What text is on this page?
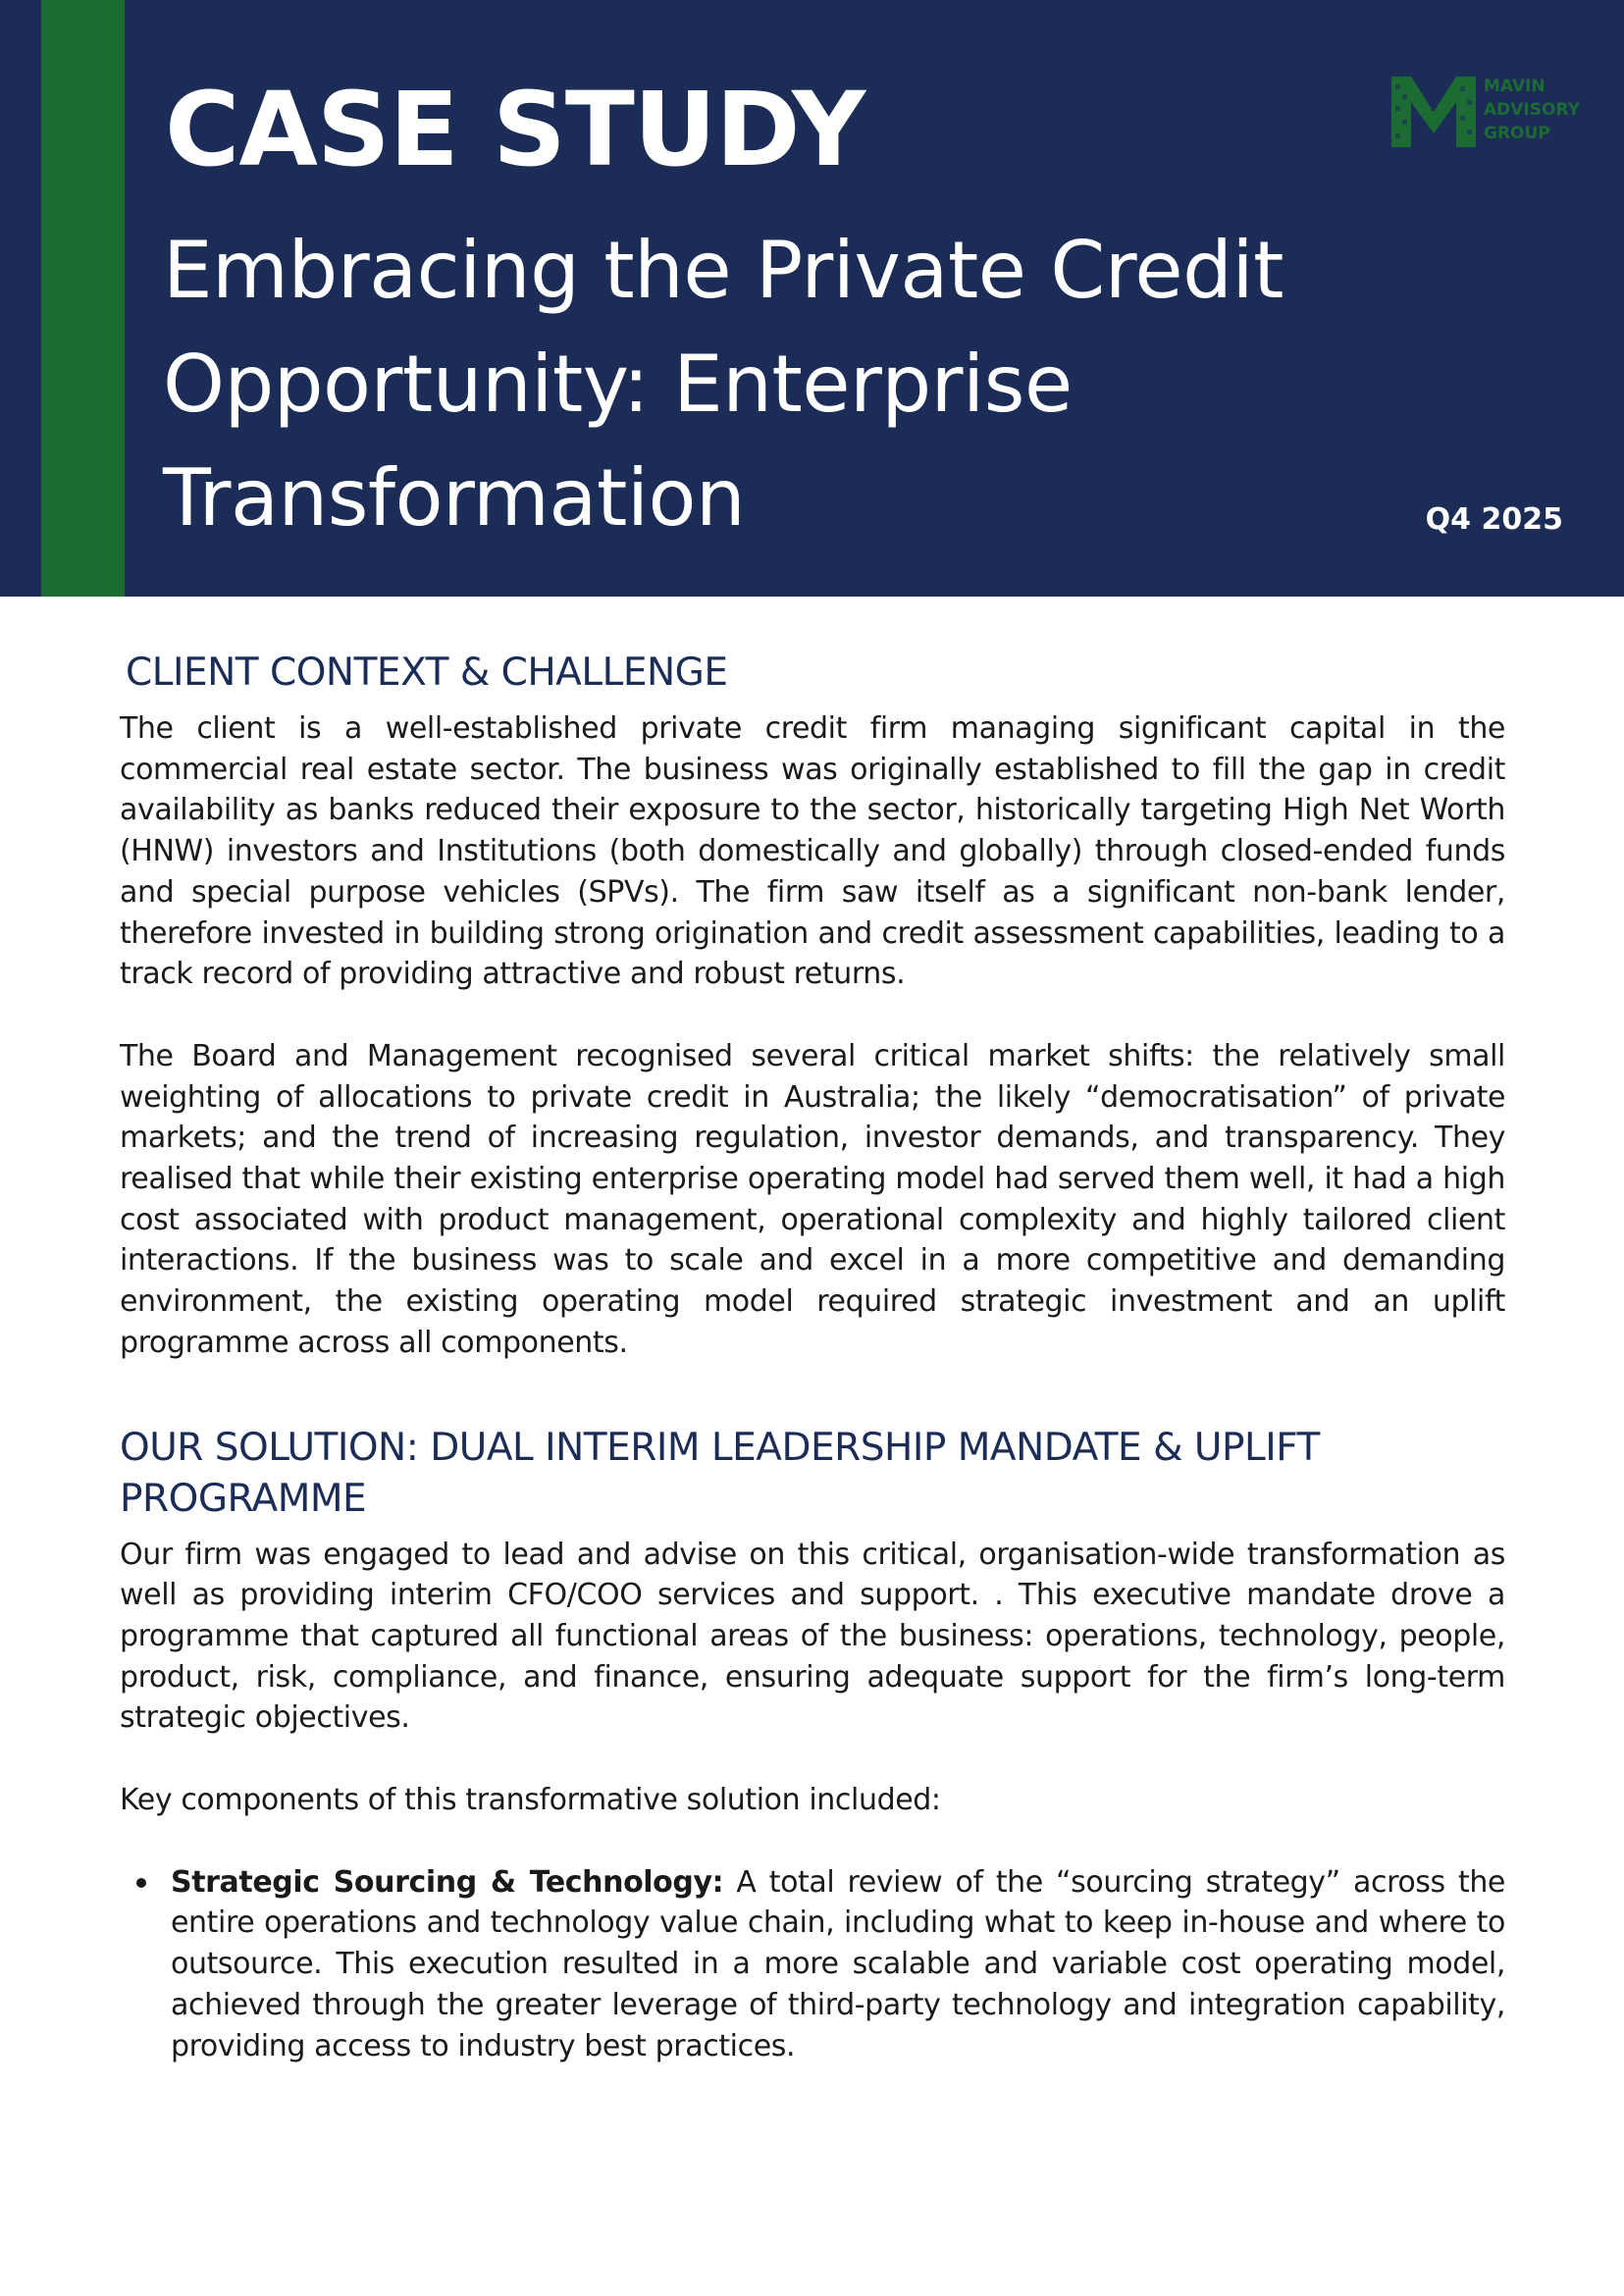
CASE STUDY
Embracing the Private Credit Opportunity: Enterprise Transformation	Q4 2025
MAVIN
ADVISORY
GROUP
CLIENT CONTEXT & CHALLENGE

The client is a well-established private credit firm managing significant capital in the commercial real estate sector. The business was originally established to fill the gap in credit availability as banks reduced their exposure to the sector, historically targeting High Net Worth (HNW) investors and Institutions (both domestically and globally) through closed-ended funds and special purpose vehicles (SPVs). The firm saw itself as a significant non-bank lender, therefore invested in building strong origination and credit assessment capabilities, leading to a track record of providing attractive and robust returns.

The Board and Management recognised several critical market shifts: the relatively small weighting of allocations to private credit in Australia; the likely “democratisation” of private markets; and the trend of increasing regulation, investor demands, and transparency. They realised that while their existing enterprise operating model had served them well, it had a high cost associated with product management, operational complexity and highly tailored client interactions. If the business was to scale and excel in a more competitive and demanding environment, the existing operating model required strategic investment and an uplift programme across all components.

OUR SOLUTION: DUAL INTERIM LEADERSHIP MANDATE & UPLIFT PROGRAMME

Our firm was engaged to lead and advise on this critical, organisation-wide transformation as well as providing interim CFO/COO services and support. . This executive mandate drove a programme that captured all functional areas of the business: operations, technology, people, product, risk, compliance, and finance, ensuring adequate support for the firm’s long-term strategic objectives.

Key components of this transformative solution included:

Strategic Sourcing & Technology: A total review of the “sourcing strategy” across the entire operations and technology value chain, including what to keep in-house and where to outsource. This execution resulted in a more scalable and variable cost operating model, achieved through the greater leverage of third-party technology and integration capability, providing access to industry best practices.
